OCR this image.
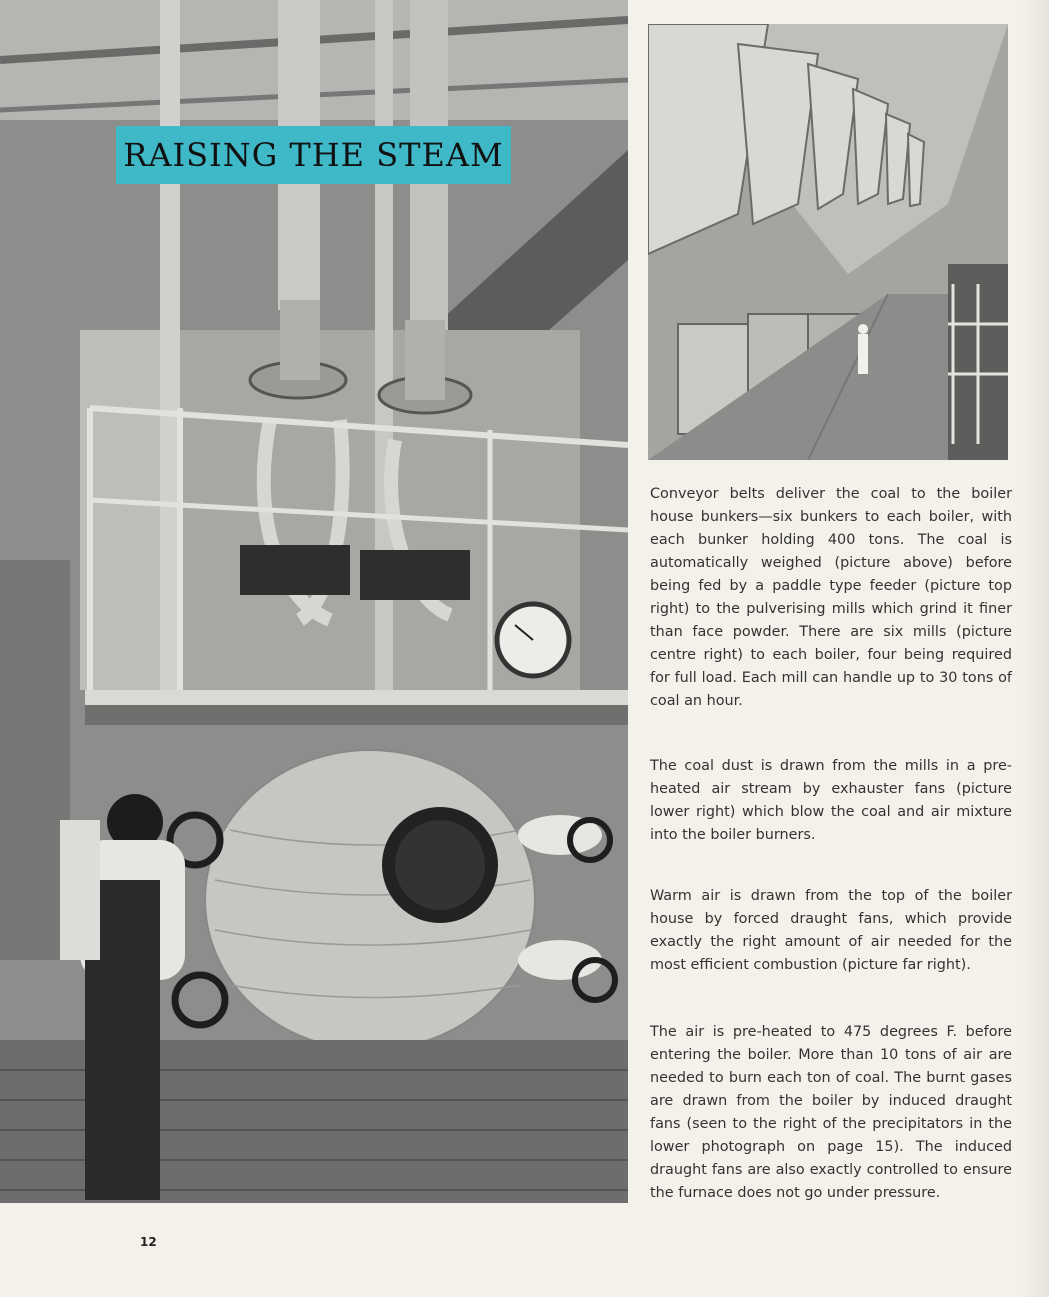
RAISING THE STEAM

Conveyor belts deliver the coal to the boiler house bunkers—six bunkers to each boiler, with each bunker holding 400 tons. The coal is automatically weighed (picture above) before being fed by a paddle type feeder (picture top right) to the pulverising mills which grind it finer than face powder. There are six mills (picture centre right) to each boiler, four being required for full load. Each mill can handle up to 30 tons of coal an hour.

The coal dust is drawn from the mills in a pre-heated air stream by exhauster fans (picture lower right) which blow the coal and air mixture into the boiler burners.

Warm air is drawn from the top of the boiler house by forced draught fans, which provide exactly the right amount of air needed for the most efficient combustion (picture far right).

The air is pre-heated to 475 degrees F. before entering the boiler. More than 10 tons of air are needed to burn each ton of coal. The burnt gases are drawn from the boiler by induced draught fans (seen to the right of the precipitators in the lower photograph on page 15). The induced draught fans are also exactly controlled to ensure the furnace does not go under pressure.

12
